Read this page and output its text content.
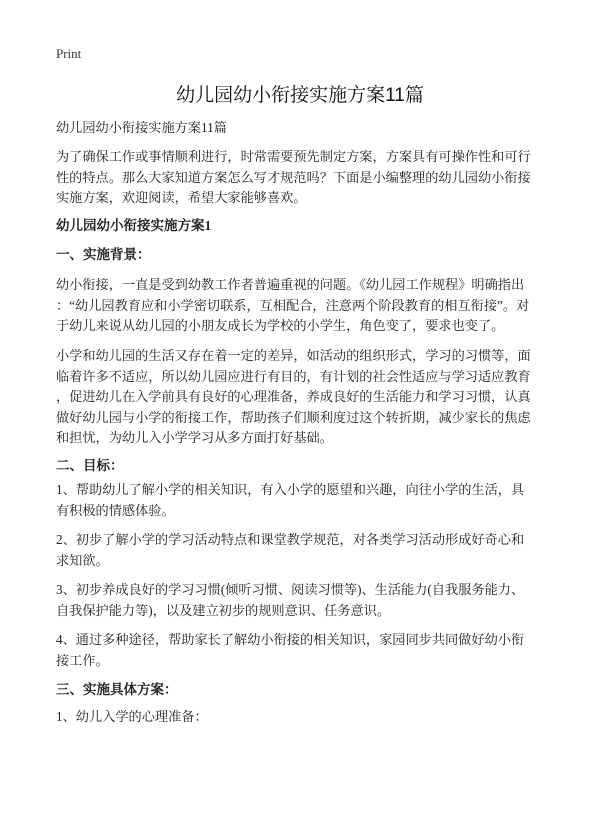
Print
幼儿园幼小衔接实施方案11篇
幼儿园幼小衔接实施方案11篇
为了确保工作或事情顺利进行，时常需要预先制定方案，方案具有可操作性和可行
性的特点。那么大家知道方案怎么写才规范吗？下面是小编整理的幼儿园幼小衔接
实施方案，欢迎阅读，希望大家能够喜欢。
幼儿园幼小衔接实施方案1
一、实施背景：
幼小衔接，一直是受到幼教工作者普遍重视的问题。《幼儿园工作规程》明确指出
：“幼儿园教育应和小学密切联系，互相配合，注意两个阶段教育的相互衔接”。对
于幼儿来说从幼儿园的小朋友成长为学校的小学生，角色变了，要求也变了。
小学和幼儿园的生活又存在着一定的差异，如活动的组织形式，学习的习惯等，面
临着许多不适应，所以幼儿园应进行有目的，有计划的社会性适应与学习适应教育
，促进幼儿在入学前具有良好的心理准备，养成良好的生活能力和学习习惯，认真
做好幼儿园与小学的衔接工作，帮助孩子们顺利度过这个转折期，减少家长的焦虑
和担忧，为幼儿入小学学习从多方面打好基础。
二、目标：
1、帮助幼儿了解小学的相关知识，有入小学的愿望和兴趣，向往小学的生活，具
有积极的情感体验。
2、初步了解小学的学习活动特点和课堂教学规范，对各类学习活动形成好奇心和
求知欲。
3、初步养成良好的学习习惯(倾听习惯、阅读习惯等)、生活能力(自我服务能力、
自我保护能力等)，以及建立初步的规则意识、任务意识。
4、通过多种途径，帮助家长了解幼小衔接的相关知识，家园同步共同做好幼小衔
接工作。
三、实施具体方案：
1、幼儿入学的心理准备：
